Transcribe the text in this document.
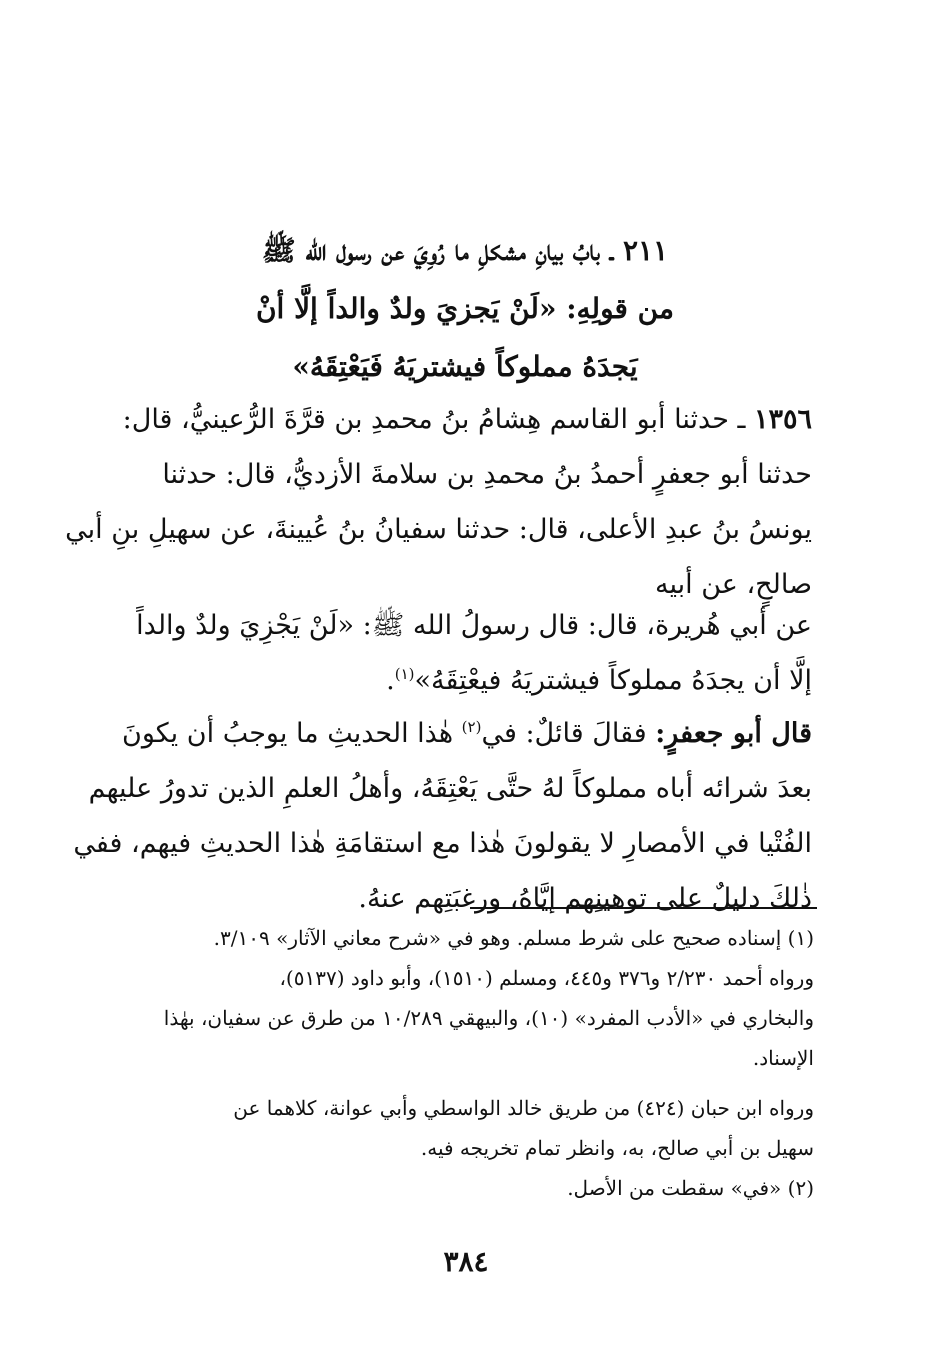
٢١١ ـ بابُ بيانِ مشكلِ ما رُوِيَ عن رسول الله ﷺ
من قولِهِ: «لَنْ يَجزيَ ولدٌ والداً إلَّا أنْ
يَجدَهُ مملوكاً فيشتريَهُ فَيَعْتِقَهُ»
١٣٥٦ ـ حدثنا أبو القاسم هِشامُ بنُ محمدِ بن قرَّةَ الرُّعينيُّ، قال:
حدثنا أبو جعفرٍ أحمدُ بنُ محمدِ بن سلامةَ الأزديُّ، قال: حدثنا
يونسُ بنُ عبدِ الأعلى، قال: حدثنا سفيانُ بنُ عُيينةَ، عن سهيلِ بنِ أبي
صالحٍ، عن أبيه
عن أبي هُريرة، قال: قال رسولُ الله ﷺ: «لَنْ يَجْزِيَ ولدٌ والداً
إلَّا أن يجدَهُ مملوكاً فيشتريَهُ فيعْتِقَهُ»$^{(١)}$.
قال أبو جعفرٍ: فقالَ قائلٌ: في$^{(٢)}$ هٰذا الحديثِ ما يوجبُ أن يكونَ
بعدَ شرائه أباه مملوكاً لهُ حتَّى يَعْتِقَهُ، وأهلُ العلمِ الذين تدورُ عليهم
الفُتْيا في الأمصارِ لا يقولونَ هٰذا مع استقامَةِ هٰذا الحديثِ فيهم، ففي
ذٰلكَ دليلٌ على توهينِهم إيَّاهُ، ورغبَتِهم عنهُ.
(١) إسناده صحيح على شرط مسلم. وهو في «شرح معاني الآثار» ٣/١٠٩.
ورواه أحمد ٢/٢٣٠ و٣٧٦ و٤٤٥، ومسلم (١٥١٠)، وأبو داود (٥١٣٧)،
والبخاري في «الأدب المفرد» (١٠)، والبيهقي ١٠/٢٨٩ من طرق عن سفيان، بهٰذا
الإسناد.
ورواه ابن حبان (٤٢٤) من طريق خالد الواسطي وأبي عوانة، كلاهما عن
سهيل بن أبي صالح، به، وانظر تمام تخريجه فيه.
(٢) «في» سقطت من الأصل.
٣٨٤
